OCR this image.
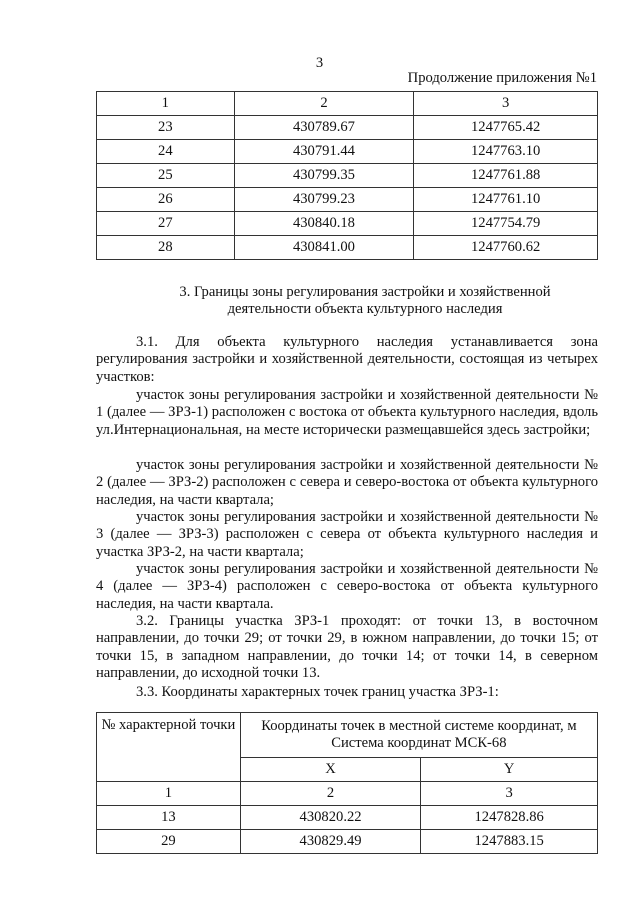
3
Продолжение приложения №1
1	2	3
23	430789.67	1247765.42
24	430791.44	1247763.10
25	430799.35	1247761.88
26	430799.23	1247761.10
27	430840.18	1247754.79
28	430841.00	1247760.62
3. Границы зоны регулирования застройки и хозяйственной
деятельности объекта культурного наследия
3.1. Для объекта культурного наследия устанавливается зона регулирования застройки и хозяйственной деятельности, состоящая из четырех участков:
участок зоны регулирования застройки и хозяйственной деятельности № 1 (далее — ЗРЗ-1) расположен с востока от объекта культурного наследия, вдоль ул.Интернациональная, на месте исторически размещавшейся здесь застройки;
участок зоны регулирования застройки и хозяйственной деятельности № 2 (далее — ЗРЗ-2) расположен с севера и северо-востока от объекта культурного наследия, на части квартала;
участок зоны регулирования застройки и хозяйственной деятельности № 3 (далее — ЗРЗ-3) расположен с севера от объекта культурного наследия и участка ЗРЗ-2, на части квартала;
участок зоны регулирования застройки и хозяйственной деятельности № 4 (далее — ЗРЗ-4) расположен с северо-востока от объекта культурного наследия, на части квартала.
3.2. Границы участка ЗРЗ-1 проходят: от точки 13, в восточном направлении, до точки 29; от точки 29, в южном направлении, до точки 15; от точки 15, в западном направлении, до точки 14; от точки 14, в северном направлении, до исходной точки 13.
3.3. Координаты характерных точек границ участка ЗРЗ-1:
№ характерной точки	Координаты точек в местной системе координат, м
Система координат МСК-68	

	X	Y
1	2	3
13	430820.22	1247828.86
29	430829.49	1247883.15
